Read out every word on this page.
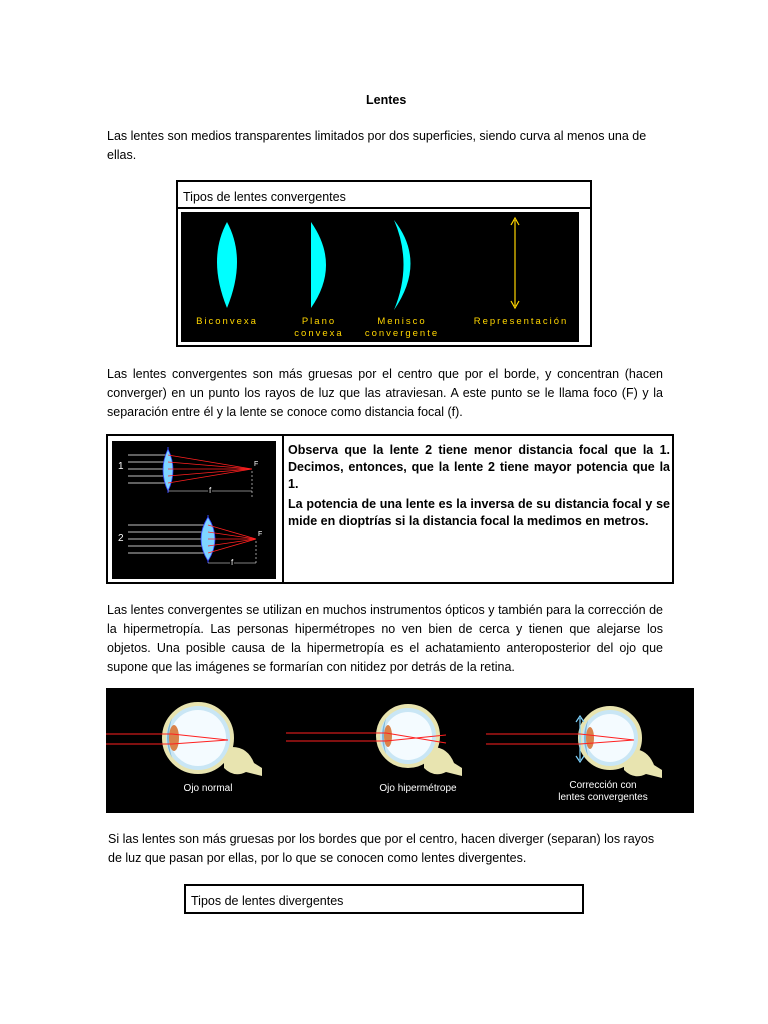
Lentes
Las lentes son medios transparentes limitados por dos superficies, siendo curva al menos una de ellas.
Tipos de lentes convergentes
Biconvexa	Plano
convexa
Menisco
convergente
Representación
Las lentes convergentes son más gruesas por el centro que por el borde, y concentran (hacen converger) en un punto los rayos de luz que las atraviesan. A este punto se le llama foco (F) y la separación entre él y la lente se conoce como distancia focal (f).
1
2
F
F
f
f
Observa que la lente 2 tiene menor distancia focal que la 1. Decimos, entonces, que la lente 2 tiene mayor potencia que la 1.
La potencia de una lente es la inversa de su distancia focal y se mide en dioptrías si la distancia focal la medimos en metros.
Las lentes convergentes se utilizan en muchos instrumentos ópticos y también para la corrección de la hipermetropía. Las personas hipermétropes no ven bien de cerca y tienen que alejarse los objetos. Una posible causa de la hipermetropía es el achatamiento anteroposterior del ojo que supone que las imágenes se formarían con nitidez por detrás de la retina.
Ojo normal	Ojo hipermétrope	Corrección con
lentes convergentes
Si las lentes son más gruesas por los bordes que por el centro, hacen diverger (separan) los rayos de luz que pasan por ellas, por lo que se conocen como lentes divergentes.
Tipos de lentes divergentes
